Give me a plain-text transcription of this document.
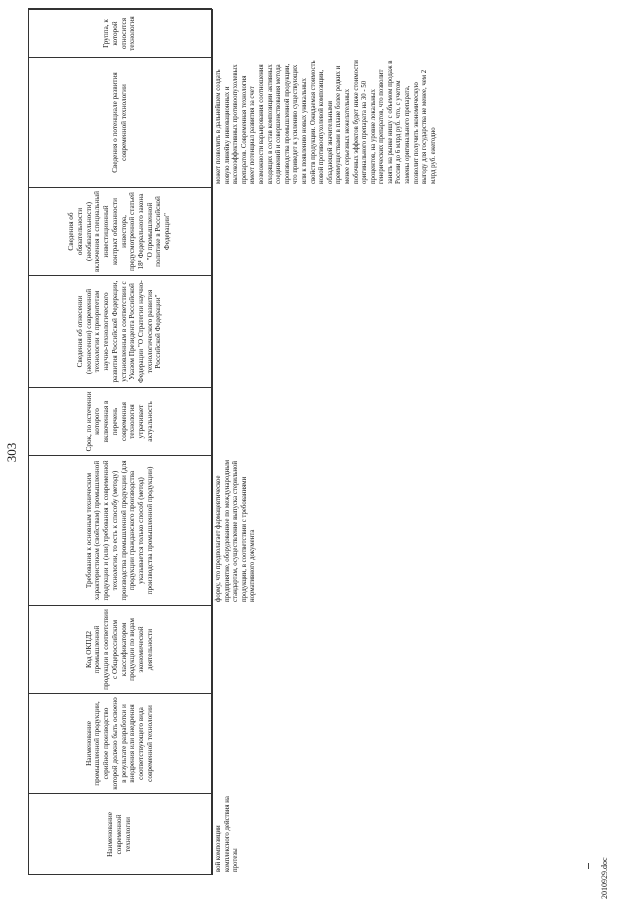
303
Наименование современной технологии
Наименование промышленной продукции, серийное производство которой должно быть освоено в результате разработки и внедрения или внедрения соответствующего вида современной технологии
Код ОКПД2 промышленной продукции в соответствии с Общероссийским классификатором продукции по видам экономической деятельности
Требования к основным техническим характеристикам (свойствам) промышленной продукции и (или) требования к современной технологии, то есть к способу (методу) производства промышленной продукции (для продукции гражданского производства указывается только способ (метод) производства промышленной продукции)
Срок, по истечении которого включенная в перечень современная технология утрачивает актуальность
Сведения об отнесении (неотнесении) современной технологии к приоритетам научно-технологического развития Российской Федерации, установленным в соответствии с Указом Президента Российской Федерации "О Стратегии научно-технологического развития Российской Федерации"
Сведения об обязательности (необязательности) включения в специальный инвестиционный контракт обязанности инвестора, предусмотренной статьей 18¹ Федерального закона "О промышленной политике в Российской Федерации"
Сведения о потенциале развития современной технологии
Группа, к которой относится технология
вой композиции комплексного действия на протезы
форму, что предполагает фармацевтическое предприятие, оборудованное по международным стандартам, осуществление выпуска стерильной продукции, в соответствии с требованиями нормативного документа
может позволить в дальнейшем создать новую линейку инновационных и высокоэффективных противоопухолевых препаратов. Современная технология имеет потенциал развития за счет возможности варьирования соотношения входящих в состав композиции активных соединений и совершенствования метода производства промышленной продукции, что приведет к усилению существующих или к появлению новых уникальных свойств продукции. Ожидаемая стоимость новой противоопухолевой композиции, обладающей значительными преимуществами в плане более редких и менее серьезных нежелательных побочных эффектов будет ниже стоимости оригинального препарата на 30 - 50 процентов, на уровне локальных генерических препаратов, что позволит занять на рынке нишу с объемом продаж в России до 6 млрд руб. что, с учетом замены оригинального препарата, позволит получить экономическую выгоду для государства не менее, чем 2 млрд руб. ежегодно
2010929.doc
